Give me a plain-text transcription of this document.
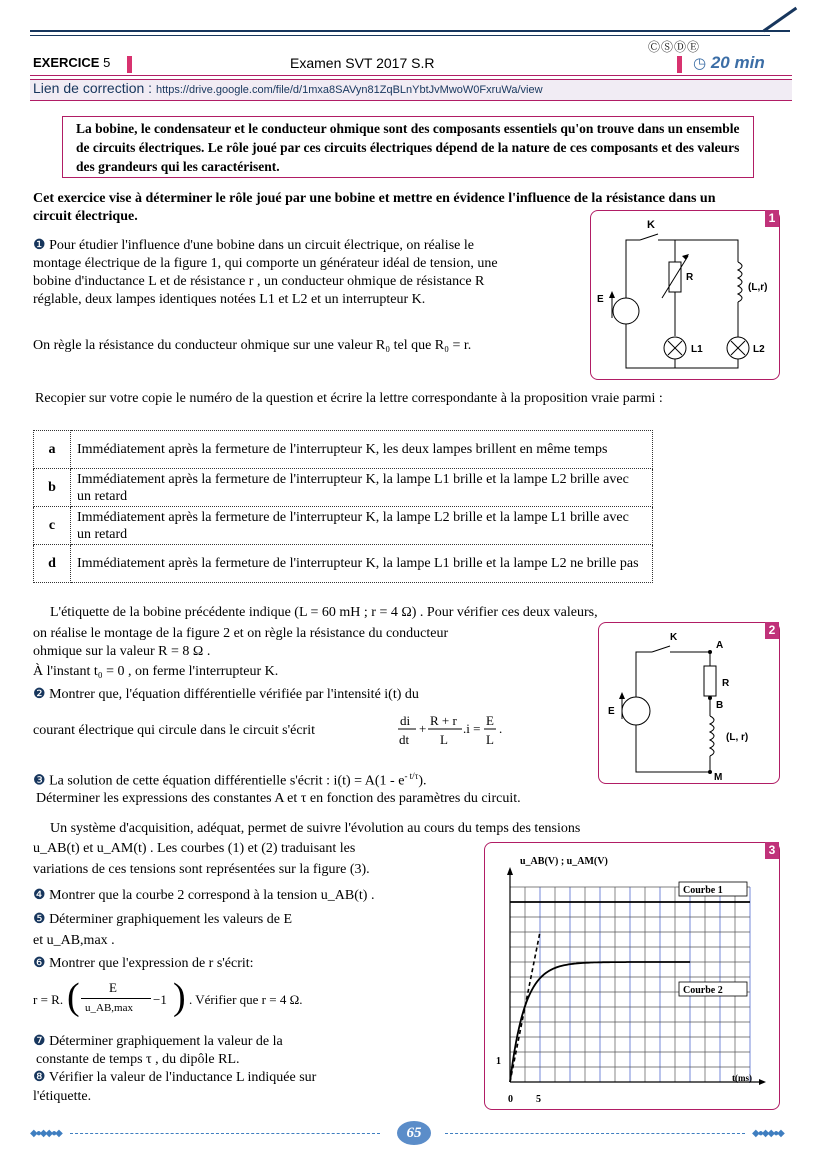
ⒸⓈⒹⒺ
EXERCICE 5	Examen SVT 2017 S.R	◷ 20 min
Lien de correction : https://drive.google.com/file/d/1mxa8SAVyn81ZqBLnYbtJvMwoW0FxruWa/view
La bobine, le condensateur et le conducteur ohmique sont des composants essentiels qu'on trouve dans un ensemble de circuits électriques. Le rôle joué par ces circuits électriques dépend de la nature de ces composants et des valeurs des grandeurs qui les caractérisent.
Cet exercice vise à déterminer le rôle joué par une bobine et mettre en évidence l'influence de la résistance dans un circuit électrique.
❶ Pour étudier l'influence d'une bobine dans un circuit électrique, on réalise le montage électrique de la figure 1, qui comporte un générateur idéal de tension, une bobine d'inductance L et de résistance r , un conducteur ohmique de résistance R réglable, deux lampes identiques notées L1 et L2 et un interrupteur K.
On règle la résistance du conducteur ohmique sur une valeur R₀ tel que R₀ = r.
1
K
R
E
(L,r)
L1	L2
Recopier sur votre copie le numéro de la question et écrire la lettre correspondante à la proposition vraie parmi :
a	Immédiatement après la fermeture de l'interrupteur K, les deux lampes brillent en même temps
b	Immédiatement après la fermeture de l'interrupteur K, la lampe L1 brille et la lampe L2 brille avec un retard
c	Immédiatement après la fermeture de l'interrupteur K, la lampe L2 brille et la lampe L1 brille avec un retard
d	Immédiatement après la fermeture de l'interrupteur K, la lampe L1 brille et la lampe L2 ne brille pas
L'étiquette de la bobine précédente indique (L = 60 mH ; r = 4 Ω) . Pour vérifier ces deux valeurs,
on réalise le montage de la figure 2 et on règle la résistance du conducteur ohmique sur la valeur R = 8 Ω .
À l'instant t₀ = 0 , on ferme l'interrupteur K.
❷ Montrer que, l'équation différentielle vérifiée par l'intensité i(t) du
courant électrique qui circule dans le circuit s'écrit
di
dt
+
R + r
L
.i =
E
L
.
❸ La solution de cette équation différentielle s'écrit : $i(t) = A(1 - e^{- t/\tau})$.
Déterminer les expressions des constantes A et τ en fonction des paramètres du circuit.
2
K
A
R
B
E
(L, r)
M
Un système d'acquisition, adéquat, permet de suivre l'évolution au cours du temps des tensions
u_AB(t) et u_AM(t) . Les courbes (1) et (2) traduisant les
variations de ces tensions sont représentées sur la figure (3).
❹ Montrer que la courbe 2 correspond à la tension u_AB(t) .
❺ Déterminer graphiquement les valeurs de E
et u_AB,max .
❻ Montrer que l'expression de r s'écrit:
r = R. ( E
u_AB,max
−1 ) . Vérifier que r = 4 Ω.
❼ Déterminer graphiquement la valeur de la
constante de temps τ , du dipôle RL.
❽ Vérifier la valeur de l'inductance L indiquée sur
l'étiquette.
3
u_AB(V) ; u_AM(V)
t(ms)
Courbe 1
Courbe 2
1
0 5
◆●◆◆●◆	◆●◆◆●◆
65
